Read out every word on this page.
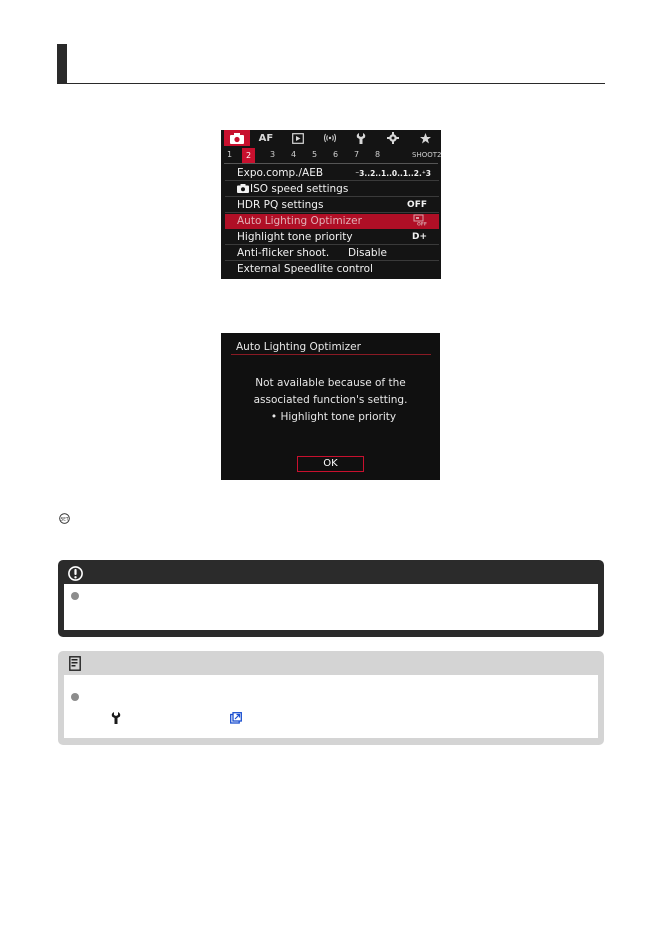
AF
1	2	3 4 5 6 7 8	SHOOT2
Expo.comp./AEB	⁻3..2..1..0..1..2.⁺3
ISO speed settings
HDR PQ settings	OFF
Auto Lighting Optimizer	OFF
Highlight tone priority	D+
Anti-flicker shoot. Disable
External Speedlite control
Auto Lighting Optimizer
Not available because of the
associated function's setting.
• Highlight tone priority
OK
SET
